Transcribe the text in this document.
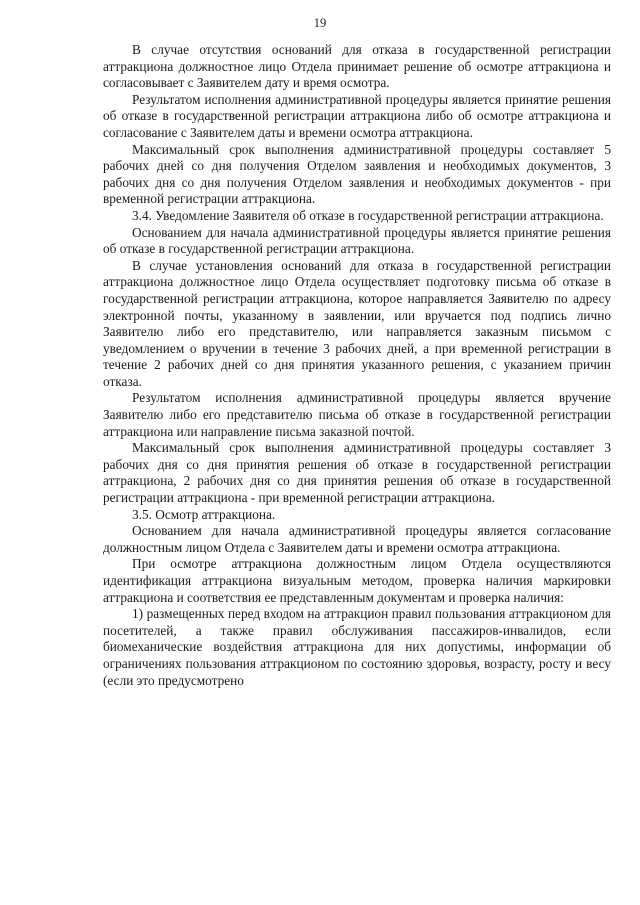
19

В случае отсутствия оснований для отказа в государственной регистрации аттракциона должностное лицо Отдела принимает решение об осмотре аттракциона и согласовывает с Заявителем дату и время осмотра.

Результатом исполнения административной процедуры является принятие решения об отказе в государственной регистрации аттракциона либо об осмотре аттракциона и согласование с Заявителем даты и времени осмотра аттракциона.

Максимальный срок выполнения административной процедуры составляет 5 рабочих дней со дня получения Отделом заявления и необходимых документов, 3 рабочих дня со дня получения Отделом заявления и необходимых документов - при временной регистрации аттракциона.

3.4. Уведомление Заявителя об отказе в государственной регистрации аттракциона.

Основанием для начала административной процедуры является принятие решения об отказе в государственной регистрации аттракциона.

В случае установления оснований для отказа в государственной регистрации аттракциона должностное лицо Отдела осуществляет подготовку письма об отказе в государственной регистрации аттракциона, которое направляется Заявителю по адресу электронной почты, указанному в заявлении, или вручается под подпись лично Заявителю либо его представителю, или направляется заказным письмом с уведомлением о вручении в течение 3 рабочих дней, а при временной регистрации в течение 2 рабочих дней со дня принятия указанного решения, с указанием причин отказа.

Результатом исполнения административной процедуры является вручение Заявителю либо его представителю письма об отказе в государственной регистрации аттракциона или направление письма заказной почтой.

Максимальный срок выполнения административной процедуры составляет 3 рабочих дня со дня принятия решения об отказе в государственной регистрации аттракциона, 2 рабочих дня со дня принятия решения об отказе в государственной регистрации аттракциона - при временной регистрации аттракциона.

3.5. Осмотр аттракциона.

Основанием для начала административной процедуры является согласование должностным лицом Отдела с Заявителем даты и времени осмотра аттракциона.

При осмотре аттракциона должностным лицом Отдела осуществляются идентификация аттракциона визуальным методом, проверка наличия маркировки аттракциона и соответствия ее представленным документам и проверка наличия:

1) размещенных перед входом на аттракцион правил пользования аттракционом для посетителей, а также правил обслуживания пассажиров-инвалидов, если биомеханические воздействия аттракциона для них допустимы, информации об ограничениях пользования аттракционом по состоянию здоровья, возрасту, росту и весу (если это предусмотрено
